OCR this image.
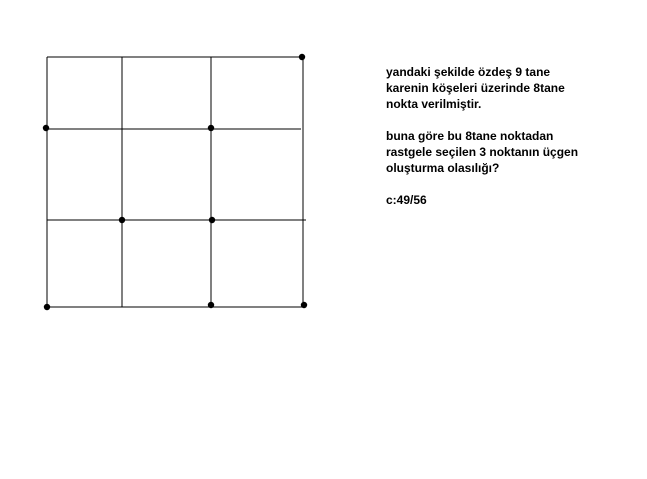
yandaki şekilde özdeş 9 tane
karenin köşeleri üzerinde 8tane
nokta verilmiştir.

buna göre bu 8tane noktadan
rastgele seçilen 3 noktanın üçgen
oluşturma olasılığı?

c:49/56
